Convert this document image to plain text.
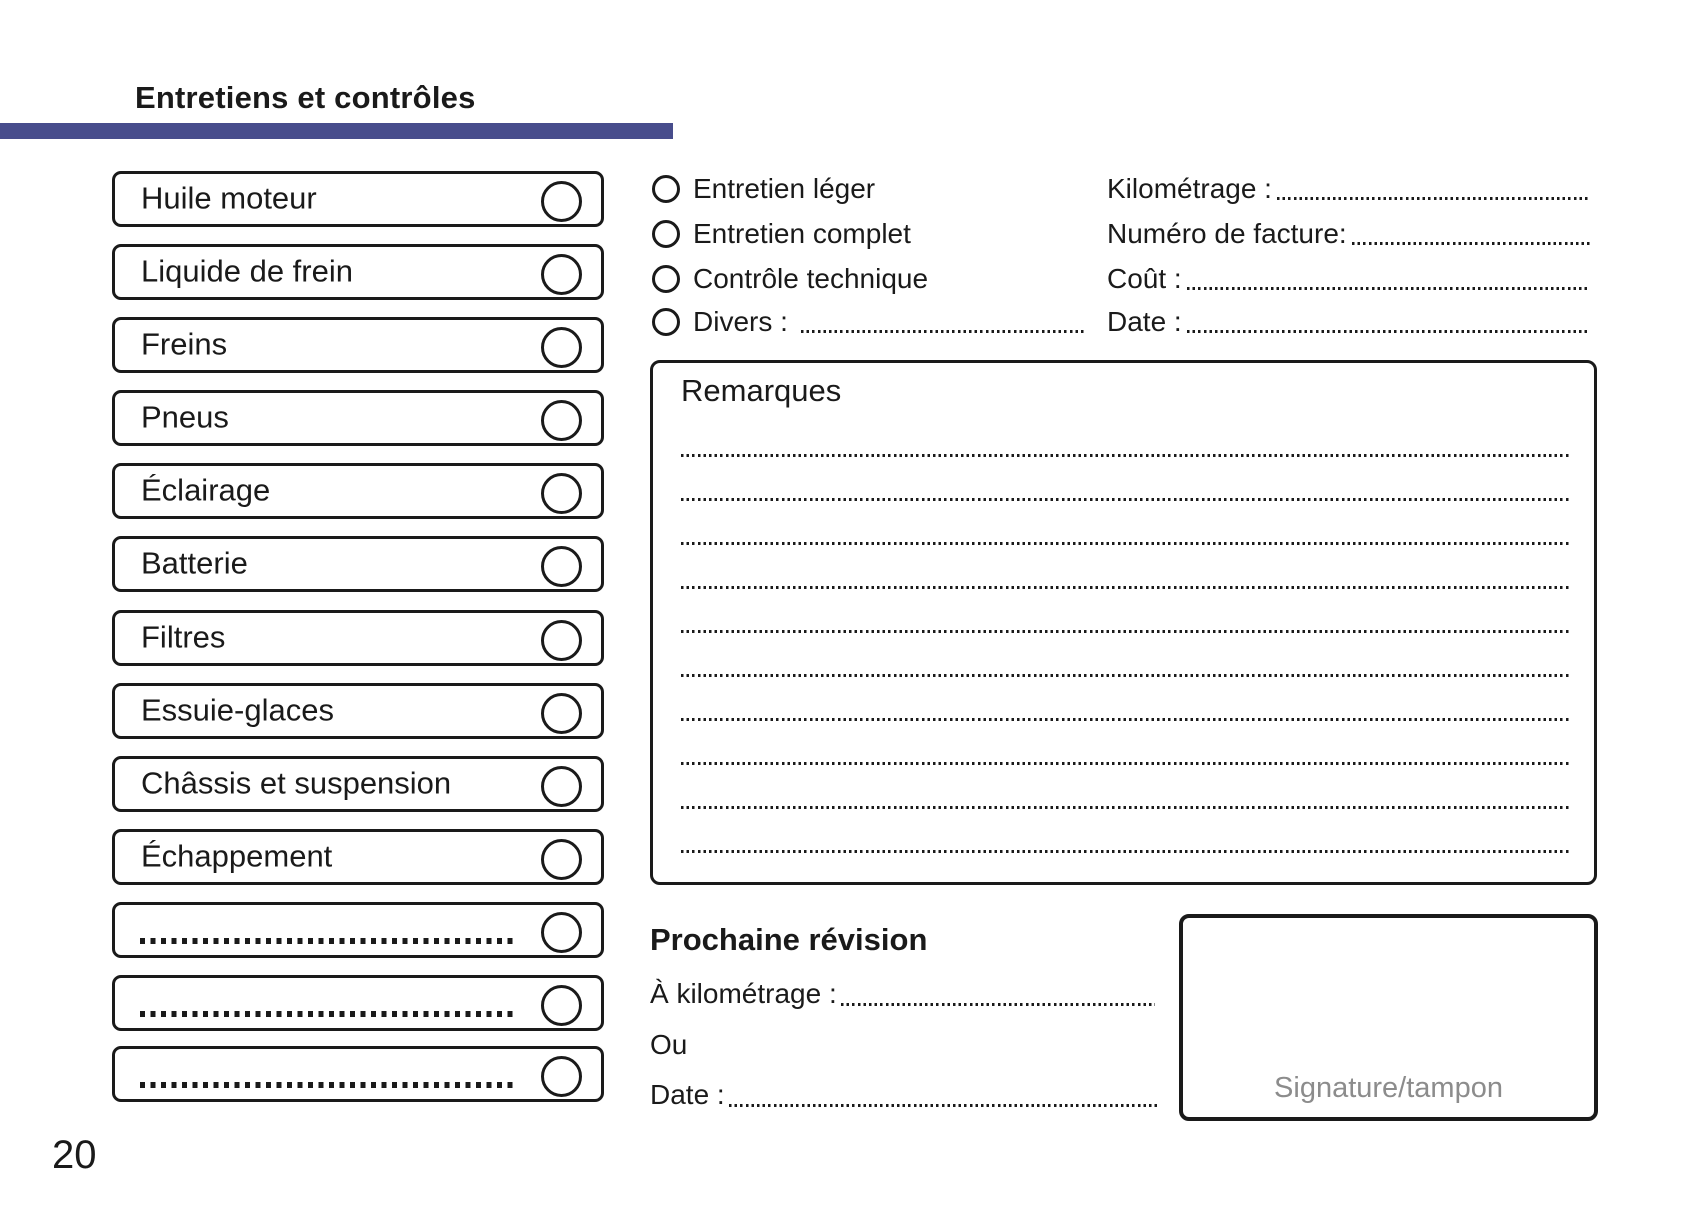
Entretiens et contrôles
Huile moteur
Liquide de frein
Freins
Pneus
Éclairage
Batterie
Filtres
Essuie-glaces
Châssis et suspension
Échappement
Entretien léger
Entretien complet
Contrôle technique
Divers :
Kilométrage :
Numéro de facture:
Coût :
Date :
Remarques
Prochaine révision
À kilométrage :
Ou
Date :	Signature/tampon
20
